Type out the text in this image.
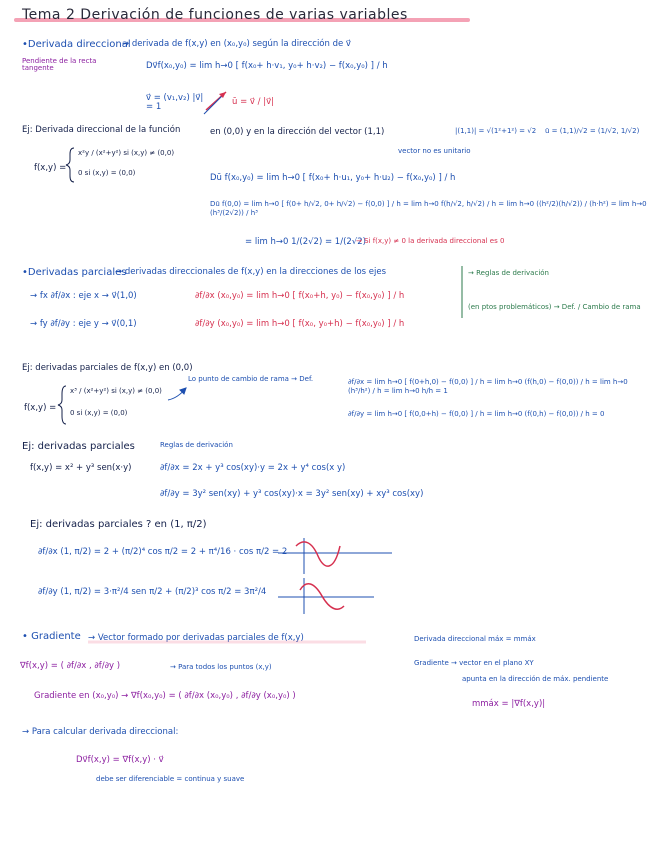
Tema 2 Derivación de funciones de varias variables
•Derivada direccional
→ derivada de f(x,y) en (x₀,y₀) según la dirección de v⃗
Pendiente de la recta tangente	Dv⃗f(x₀,y₀) = lim h→0 [ f(x₀+ h·v₁, y₀+ h·v₂) − f(x₀,y₀) ] / h
v⃗ = (v₁,v₂) |v⃗| = 1	ū = v⃗ / |v⃗|
Ej: Derivada direccional de la función	en (0,0) y en la dirección del vector (1,1)
vector no es unitario
|(1,1)| = √(1²+1²) = √2 ū = (1,1)/√2 = (1/√2, 1/√2)
f(x,y) =
x²y / (x²+y²) si (x,y) ≠ (0,0)
0 si (x,y) = (0,0)	Dū f(x₀,y₀) = lim h→0 [ f(x₀+ h·u₁, y₀+ h·u₂) − f(x₀,y₀) ] / h
Dū f(0,0) = lim h→0 [ f(0+ h/√2, 0+ h/√2) − f(0,0) ] / h = lim h→0 f(h/√2, h/√2) / h = lim h→0 ((h²/2)(h/√2)) / (h·h²) = lim h→0 (h³/(2√2)) / h³
= lim h→0 1/(2√2) = 1/(2√2)
→ Si f(x,y) ≠ 0 la derivada direccional es 0
•Derivadas parciales
→ derivadas direccionales de f(x,y) en la direcciones de los ejes
→ fx ∂f/∂x : eje x → v⃗(1,0)	∂f/∂x (x₀,y₀) = lim h→0 [ f(x₀+h, y₀) − f(x₀,y₀) ] / h
→ fy ∂f/∂y : eje y → v⃗(0,1)	∂f/∂y (x₀,y₀) = lim h→0 [ f(x₀, y₀+h) − f(x₀,y₀) ] / h
→ Reglas de derivación
(en ptos problemáticos) → Def. / Cambio de rama
Ej: derivadas parciales de f(x,y) en (0,0)
f(x,y) =
x³ / (x²+y²) si (x,y) ≠ (0,0)
0 si (x,y) = (0,0)
Lo punto de cambio de rama → Def.	∂f/∂x = lim h→0 [ f(0+h,0) − f(0,0) ] / h = lim h→0 (f(h,0) − f(0,0)) / h = lim h→0 (h³/h²) / h = lim h→0 h/h = 1
∂f/∂y = lim h→0 [ f(0,0+h) − f(0,0) ] / h = lim h→0 (f(0,h) − f(0,0)) / h = 0
Ej: derivadas parciales
f(x,y) = x² + y³ sen(x·y)
Reglas de derivación
∂f/∂x = 2x + y³ cos(xy)·y = 2x + y⁴ cos(x y)
∂f/∂y = 3y² sen(xy) + y³ cos(xy)·x = 3y² sen(xy) + xy³ cos(xy)
Ej: derivadas parciales ? en (1, π/2)
∂f/∂x (1, π/2) = 2 + (π/2)⁴ cos π/2 = 2 + π⁴/16 · cos π/2 = 2
∂f/∂y (1, π/2) = 3·π²/4 sen π/2 + (π/2)³ cos π/2 = 3π²/4
• Gradiente → Vector formado por derivadas parciales de f(x,y)
∇f(x,y) = ( ∂f/∂x , ∂f/∂y )	→ Para todos los puntos (x,y)
Gradiente en (x₀,y₀) → ∇f(x₀,y₀) = ( ∂f/∂x (x₀,y₀) , ∂f/∂y (x₀,y₀) )
Derivada direccional máx = mmáx
Gradiente → vector en el plano XY
apunta en la dirección de máx. pendiente
mmáx = |∇f(x,y)|
→ Para calcular derivada direccional:
Dv⃗f(x,y) = ∇f(x,y) · v⃗
debe ser diferenciable = continua y suave
